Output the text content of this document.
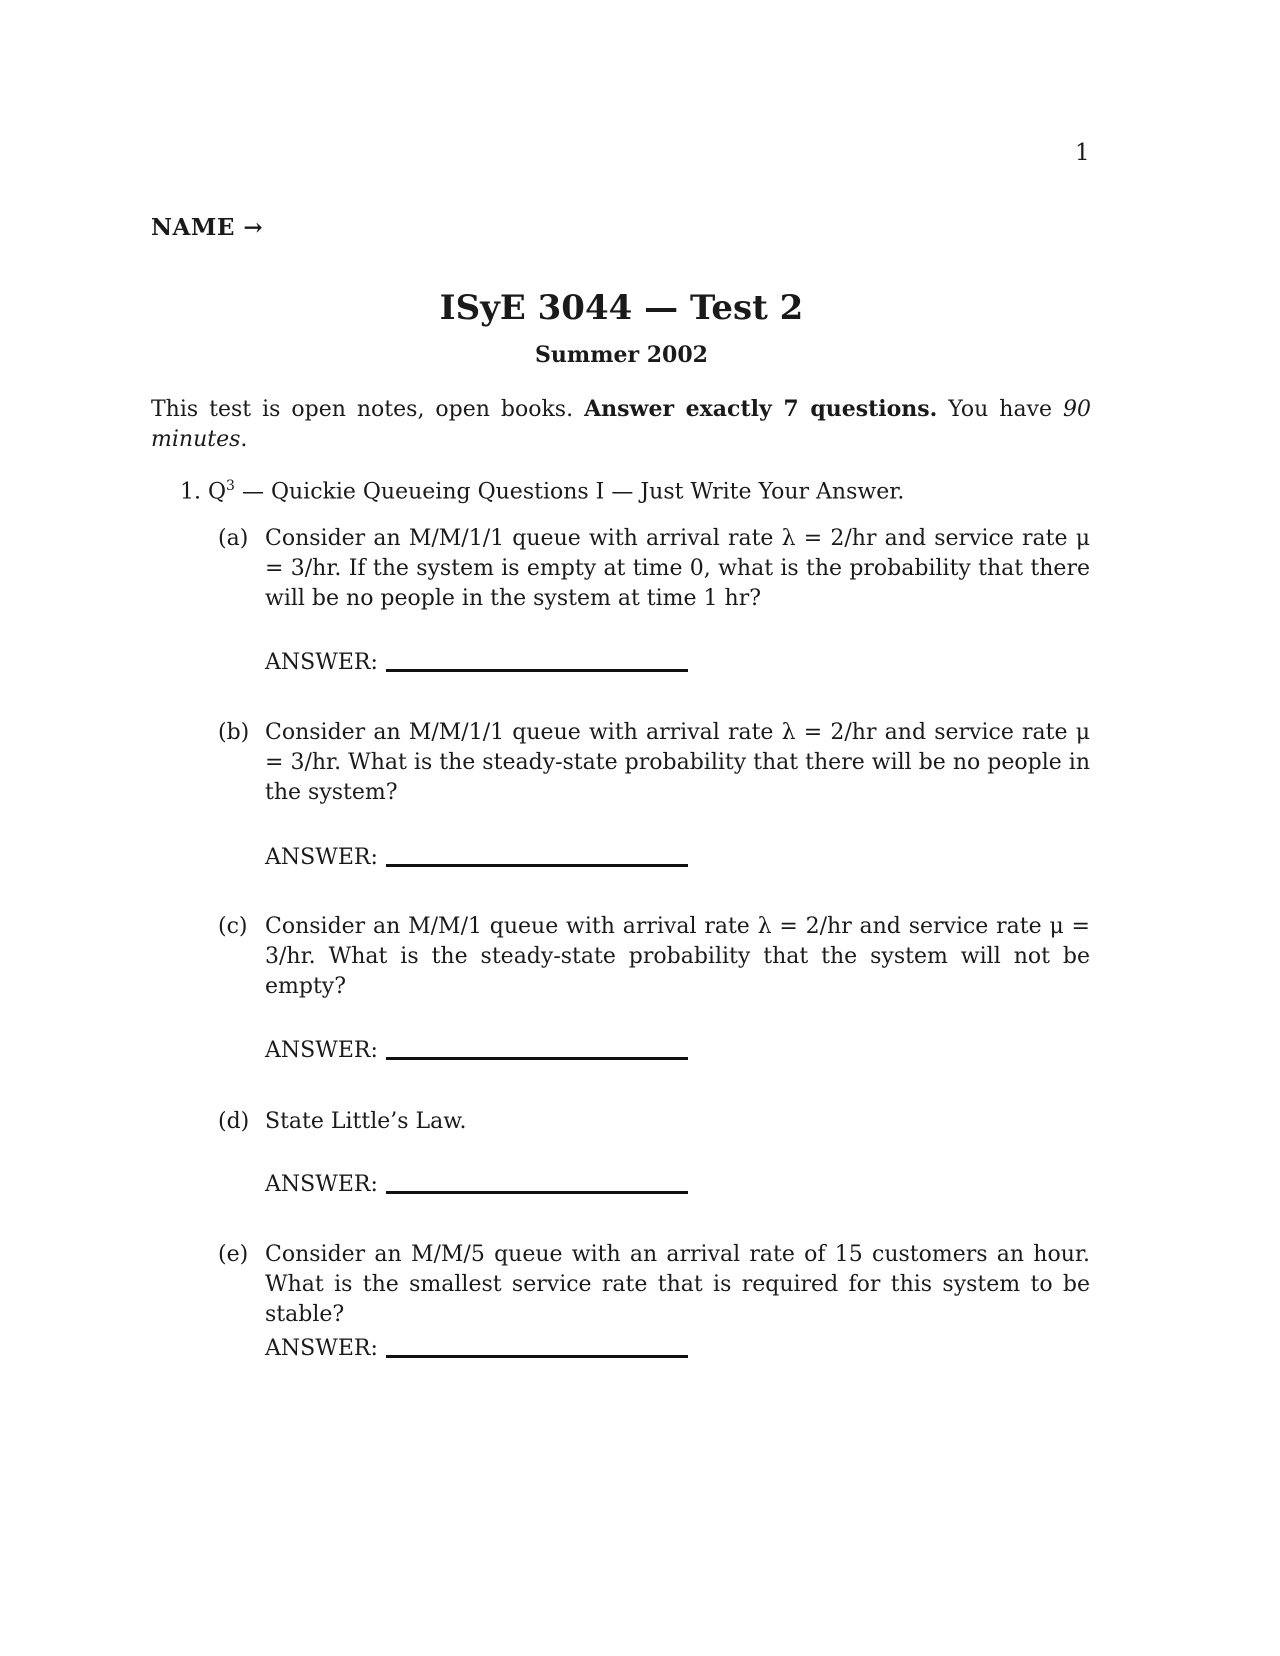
1
NAME →
ISyE 3044 — Test 2
Summer 2002
This test is open notes, open books. Answer exactly 7 questions. You have 90 minutes.
1. $Q^3$ — Quickie Queueing Questions I — Just Write Your Answer.
(a) Consider an M/M/1/1 queue with arrival rate λ = 2/hr and service rate μ = 3/hr. If the system is empty at time 0, what is the probability that there will be no people in the system at time 1 hr?
ANSWER:
(b) Consider an M/M/1/1 queue with arrival rate λ = 2/hr and service rate μ = 3/hr. What is the steady-state probability that there will be no people in the system?
ANSWER:
(c) Consider an M/M/1 queue with arrival rate λ = 2/hr and service rate μ = 3/hr. What is the steady-state probability that the system will not be empty?
ANSWER:
(d) State Little’s Law.
ANSWER:
(e) Consider an M/M/5 queue with an arrival rate of 15 customers an hour. What is the smallest service rate that is required for this system to be stable?
ANSWER:
